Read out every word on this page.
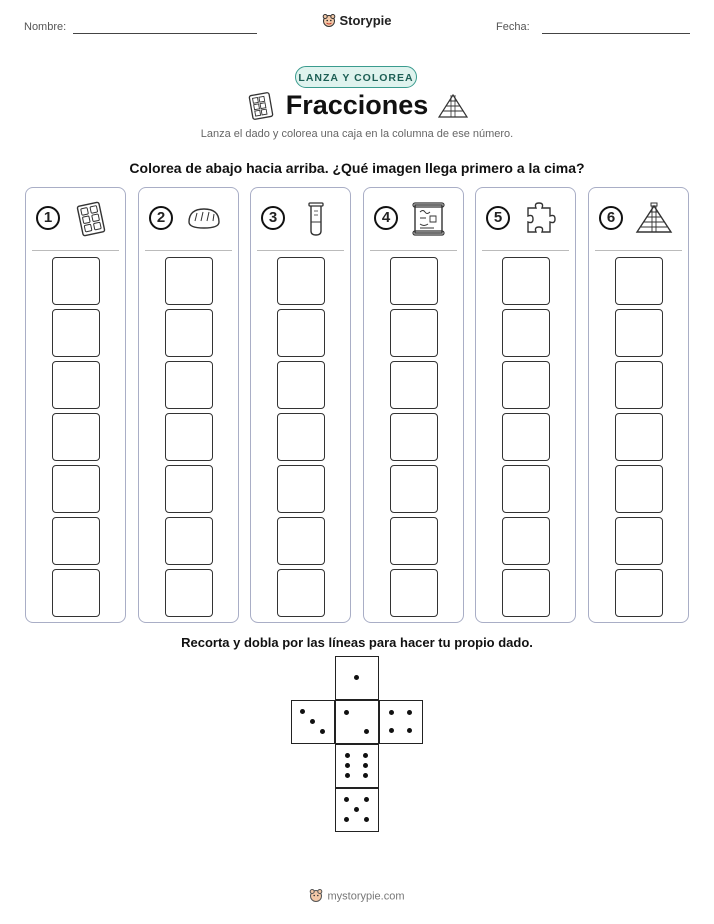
Nombre:	Storypie	Fecha:
LANZA Y COLOREA
Fracciones
Lanza el dado y colorea una caja en la columna de ese número.
Colorea de abajo hacia arriba. ¿Qué imagen llega primero a la cima?
1	2	3	4	5	6
Recorta y dobla por las líneas para hacer tu propio dado.
mystorypie.com
